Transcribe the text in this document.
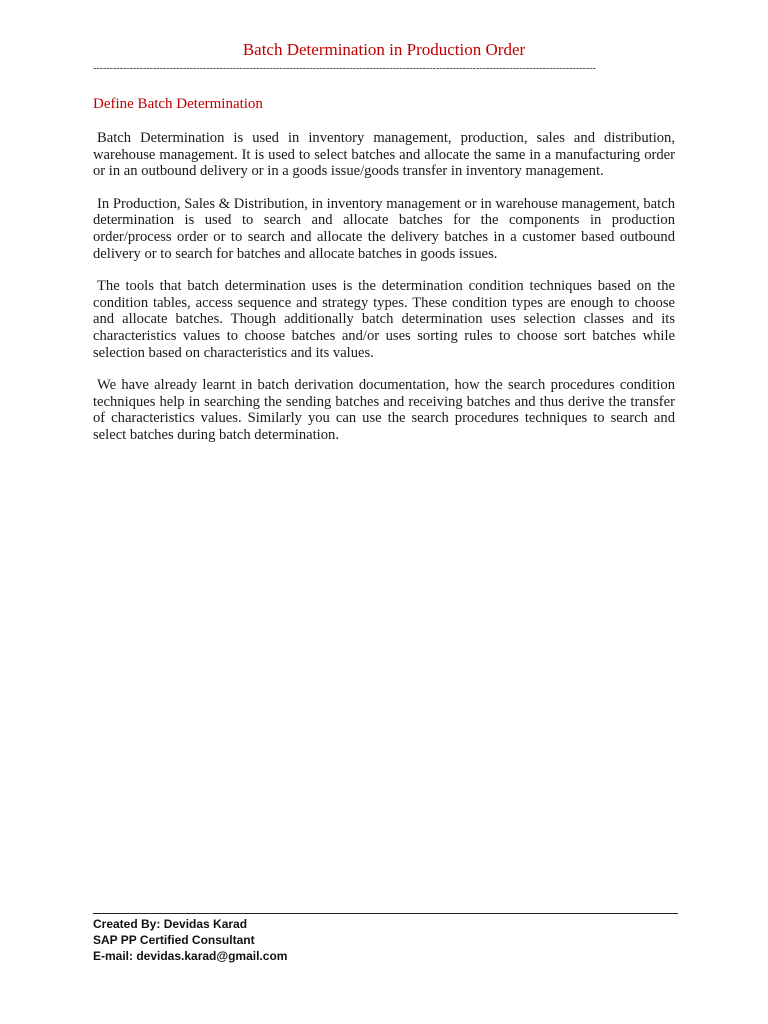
Batch Determination in Production Order
-------------------------------------------------------------------------------------------------------------------------------------------------------
Define Batch Determination

Batch Determination is used in inventory management, production, sales and distribution, warehouse management. It is used to select batches and allocate the same in a manufacturing order or in an outbound delivery or in a goods issue/goods transfer in inventory management.

In Production, Sales & Distribution, in inventory management or in warehouse management, batch determination is used to search and allocate batches for the components in production order/process order or to search and allocate the delivery batches in a customer based outbound delivery or to search for batches and allocate batches in goods issues.

The tools that batch determination uses is the determination condition techniques based on the condition tables, access sequence and strategy types. These condition types are enough to choose and allocate batches. Though additionally batch determination uses selection classes and its characteristics values to choose batches and/or uses sorting rules to choose sort batches while selection based on characteristics and its values.

We have already learnt in batch derivation documentation, how the search procedures condition techniques help in searching the sending batches and receiving batches and thus derive the transfer of characteristics values. Similarly you can use the search procedures techniques to search and select batches during batch determination.

Created By: Devidas Karad

SAP PP Certified Consultant

E-mail: devidas.karad@gmail.com
